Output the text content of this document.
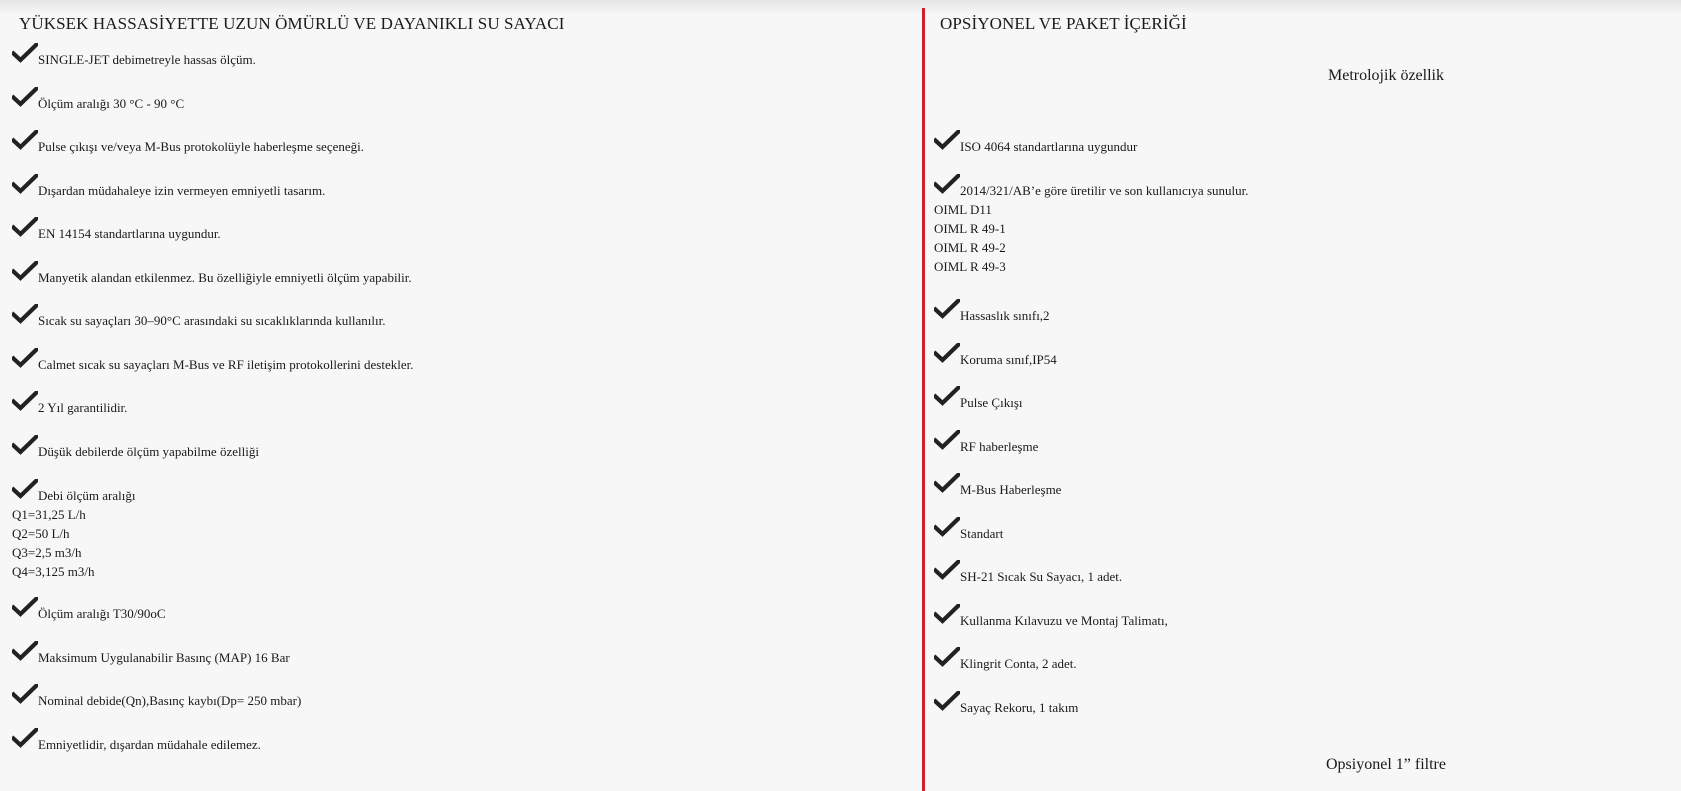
YÜKSEK HASSASİYETTE UZUN ÖMÜRLÜ VE DAYANIKLI SU SAYACI
SINGLE-JET debimetreyle hassas ölçüm.
Ölçüm aralığı 30 °C - 90 °C
Pulse çıkışı ve/veya M-Bus protokolüyle haberleşme seçeneği.
Dışardan müdahaleye izin vermeyen emniyetli tasarım.
EN 14154 standartlarına uygundur.
Manyetik alandan etkilenmez. Bu özelliğiyle emniyetli ölçüm yapabilir.
Sıcak su sayaçları 30–90°C arasındaki su sıcaklıklarında kullanılır.
Calmet sıcak su sayaçları M-Bus ve RF iletişim protokollerini destekler.
2 Yıl garantilidir.
Düşük debilerde ölçüm yapabilme özelliği
Debi ölçüm aralığı
Q1=31,25 L/h
Q2=50 L/h
Q3=2,5 m3/h
Q4=3,125 m3/h
Ölçüm aralığı T30/90oC
Maksimum Uygulanabilir Basınç (MAP) 16 Bar
Nominal debide(Qn),Basınç kaybı(Dp= 250 mbar)
Emniyetlidir, dışardan müdahale edilemez.
OPSİYONEL VE PAKET İÇERİĞİ
Metrolojik özellik
ISO 4064 standartlarına uygundur
2014/321/AB’e göre üretilir ve son kullanıcıya sunulur.
OIML D11
OIML R 49-1
OIML R 49-2
OIML R 49-3
Hassaslık sınıfı,2
Koruma sınıf,IP54
Pulse Çıkışı
RF haberleşme
M-Bus Haberleşme
Standart
SH-21 Sıcak Su Sayacı, 1 adet.
Kullanma Kılavuzu ve Montaj Talimatı,
Klingrit Conta, 2 adet.
Sayaç Rekoru, 1 takım
Opsiyonel 1” filtre
